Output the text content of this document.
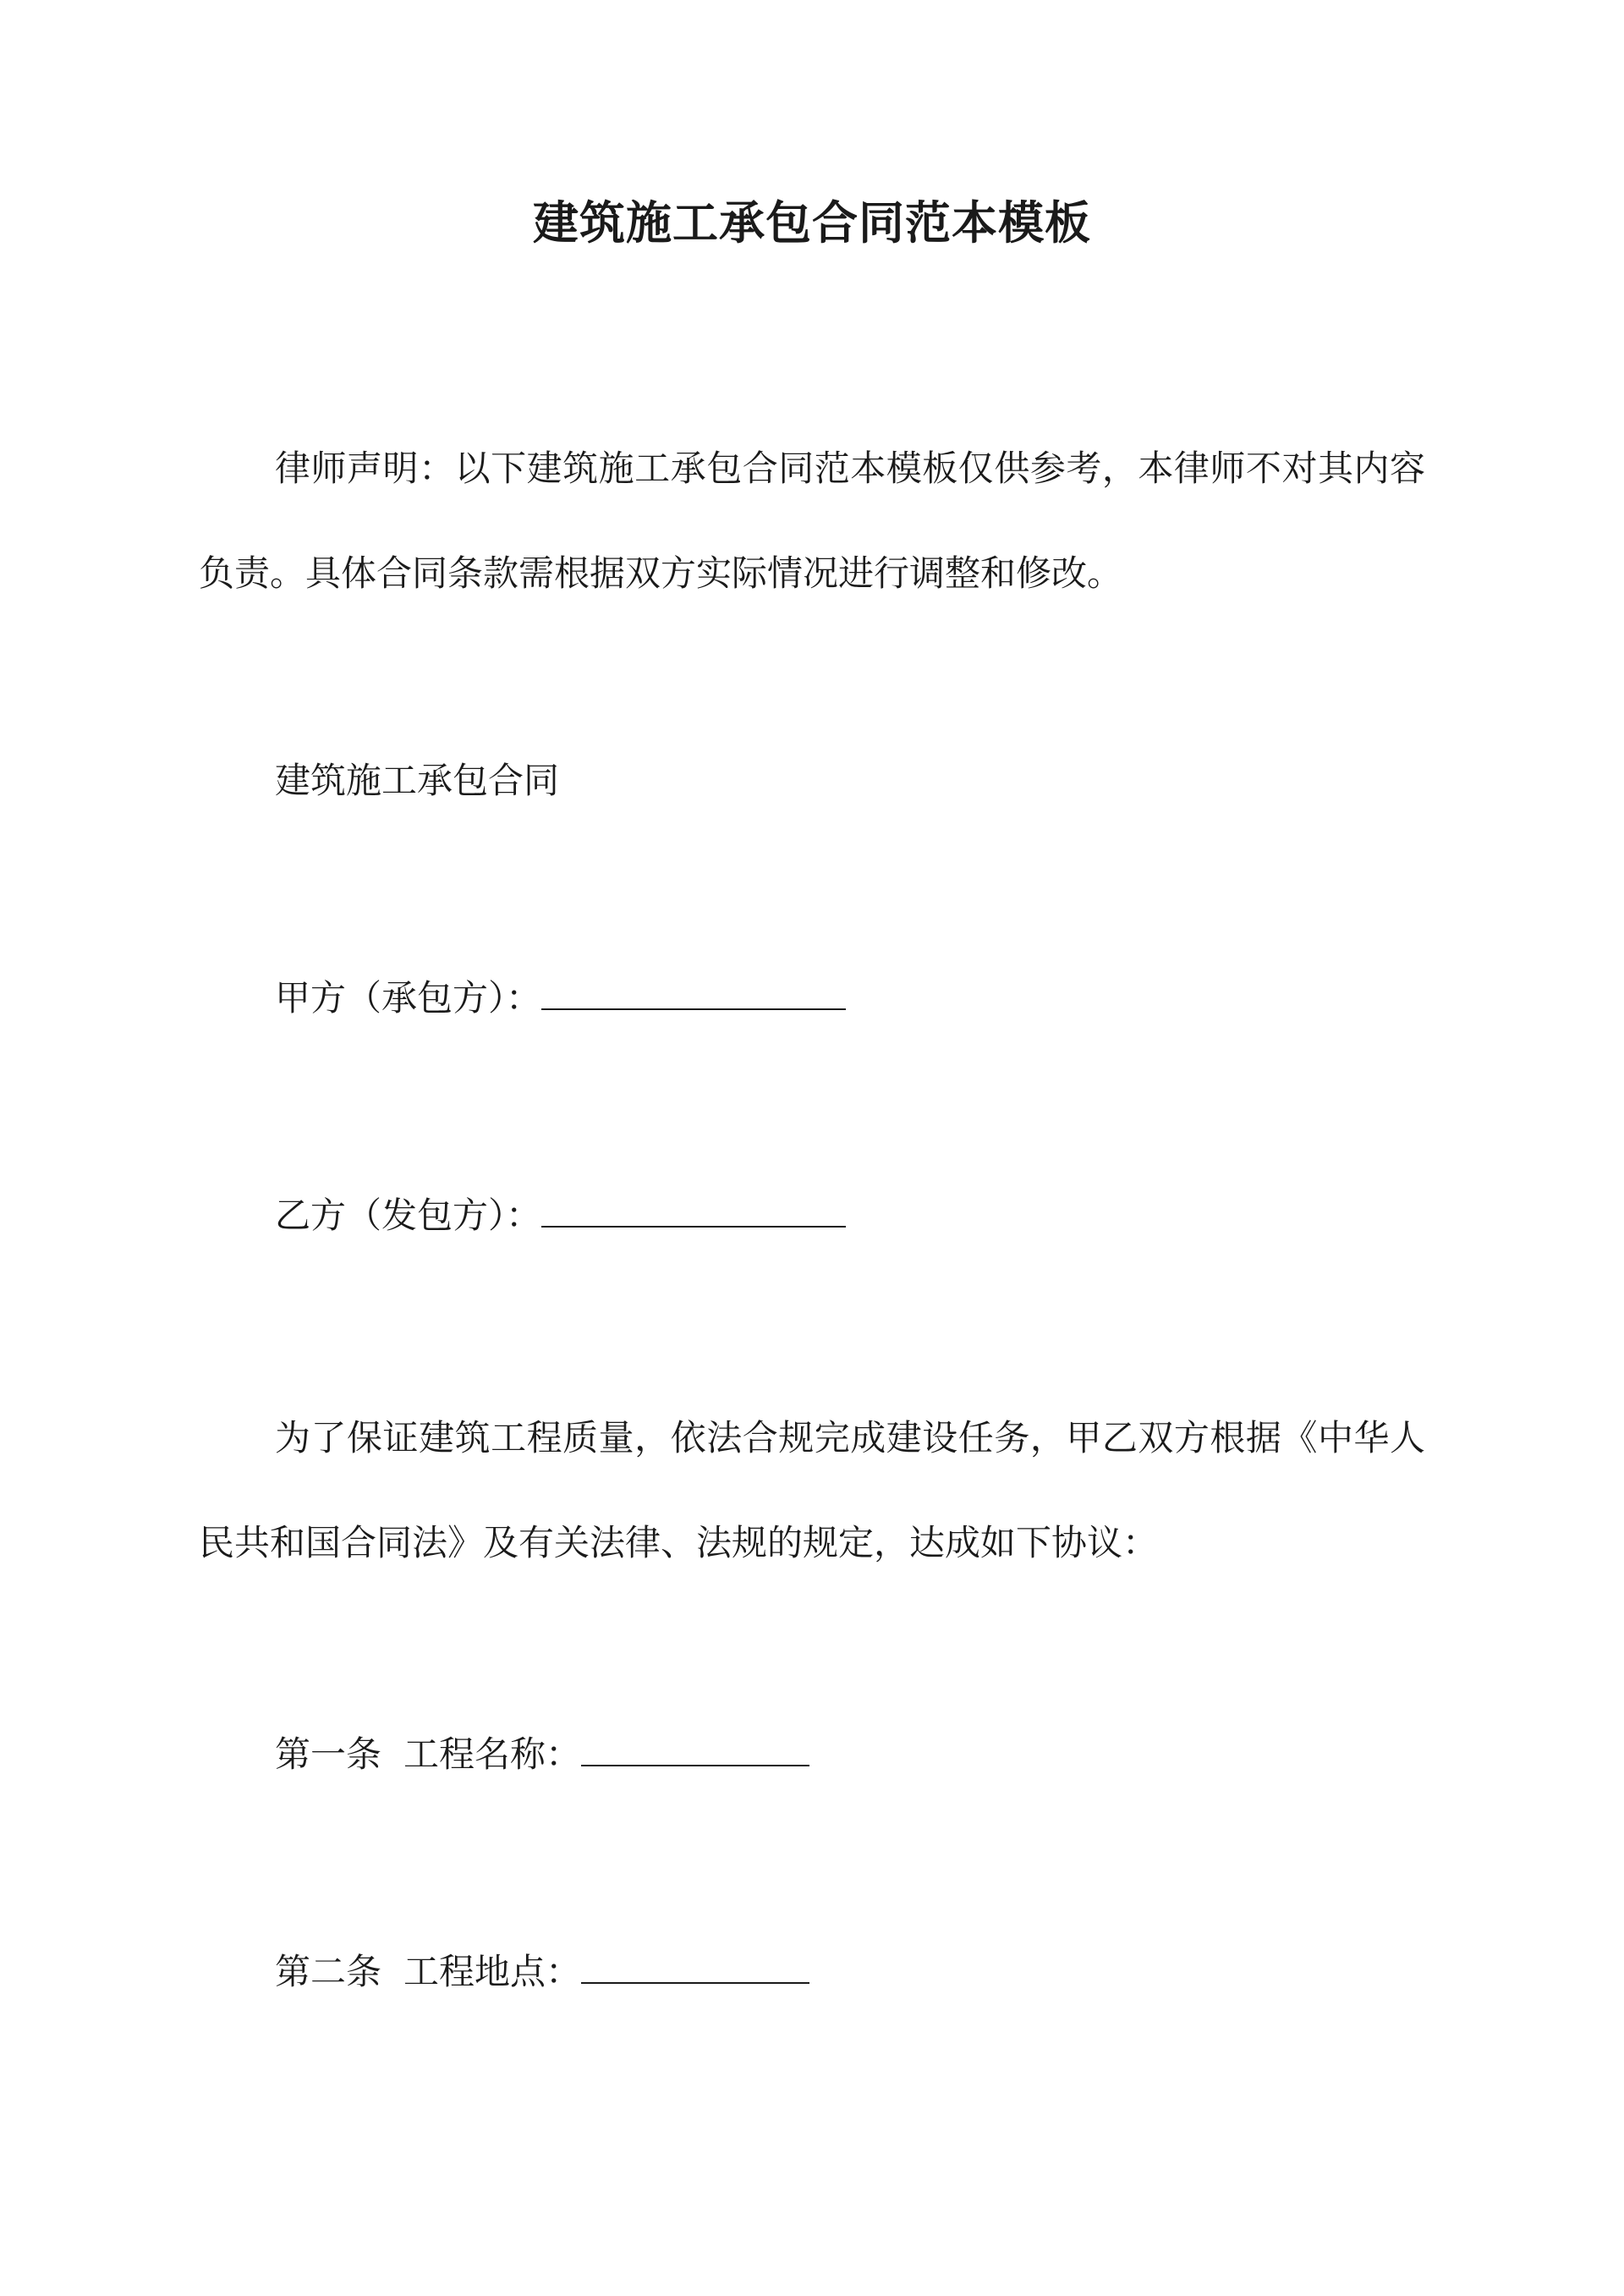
建筑施工承包合同范本模板
律师声明：以下建筑施工承包合同范本模板仅供参考，本律师不对其内容负责。具体合同条款需根据双方实际情况进行调整和修改。
建筑施工承包合同
甲方（承包方）：
乙方（发包方）：
为了保证建筑工程质量，依法合规完成建设任务，甲乙双方根据《中华人民共和国合同法》及有关法律、法规的规定，达成如下协议：
第一条 工程名称：
第二条 工程地点：
